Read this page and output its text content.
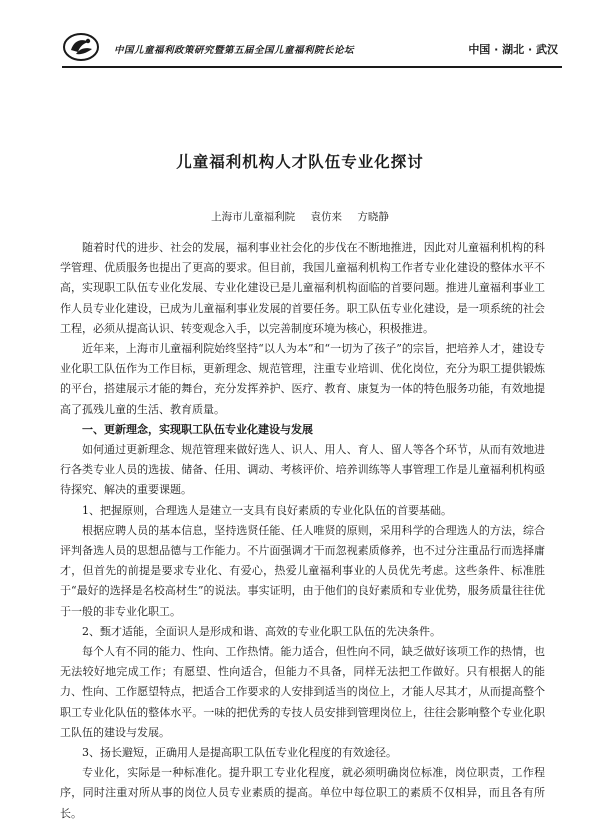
中国儿童福利政策研究暨第五届全国儿童福利院长论坛	中国 · 湖北 · 武汉
儿童福利机构人才队伍专业化探讨
上海市儿童福利院 袁仿来 方晓静

随着时代的进步、社会的发展，福利事业社会化的步伐在不断地推进，因此对儿童福利机构的科学管理、优质服务也提出了更高的要求。但目前，我国儿童福利机构工作者专业化建设的整体水平不高，实现职工队伍专业化发展、专业化建设已是儿童福利机构面临的首要问题。推进儿童福利事业工作人员专业化建设，已成为儿童福利事业发展的首要任务。职工队伍专业化建设，是一项系统的社会工程，必须从提高认识、转变观念入手，以完善制度环境为核心，积极推进。

近年来，上海市儿童福利院始终坚持“以人为本”和“一切为了孩子”的宗旨，把培养人才，建设专业化职工队伍作为工作目标，更新理念、规范管理，注重专业培训、优化岗位，充分为职工提供锻炼的平台，搭建展示才能的舞台，充分发挥养护、医疗、教育、康复为一体的特色服务功能，有效地提高了孤残儿童的生活、教育质量。

一、更新理念，实现职工队伍专业化建设与发展

如何通过更新理念、规范管理来做好选人、识人、用人、育人、留人等各个环节，从而有效地进行各类专业人员的选拔、储备、任用、调动、考核评价、培养训练等人事管理工作是儿童福利机构亟待探究、解决的重要课题。

1、把握原则，合理选人是建立一支具有良好素质的专业化队伍的首要基础。

根据应聘人员的基本信息，坚持选贤任能、任人唯贤的原则，采用科学的合理选人的方法，综合评判备选人员的思想品德与工作能力。不片面强调才干而忽视素质修养，也不过分注重品行而选择庸才，但首先的前提是要求专业化、有爱心，热爱儿童福利事业的人员优先考虑。这些条件、标准胜于“最好的选择是名校高材生”的说法。事实证明，由于他们的良好素质和专业优势，服务质量往往优于一般的非专业化职工。

2、甄才适能，全面识人是形成和谐、高效的专业化职工队伍的先决条件。

每个人有不同的能力、性向、工作热情。能力适合，但性向不同，缺乏做好该项工作的热情，也无法较好地完成工作；有愿望、性向适合，但能力不具备，同样无法把工作做好。只有根据人的能力、性向、工作愿望特点，把适合工作要求的人安排到适当的岗位上，才能人尽其才，从而提高整个职工专业化队伍的整体水平。一味的把优秀的专技人员安排到管理岗位上，往往会影响整个专业化职工队伍的建设与发展。

3、扬长避短，正确用人是提高职工队伍专业化程度的有效途径。

专业化，实际是一种标准化。提升职工专业化程度，就必须明确岗位标准，岗位职责，工作程序，同时注重对所从事的岗位人员专业素质的提高。单位中每位职工的素质不仅相异，而且各有所长。
